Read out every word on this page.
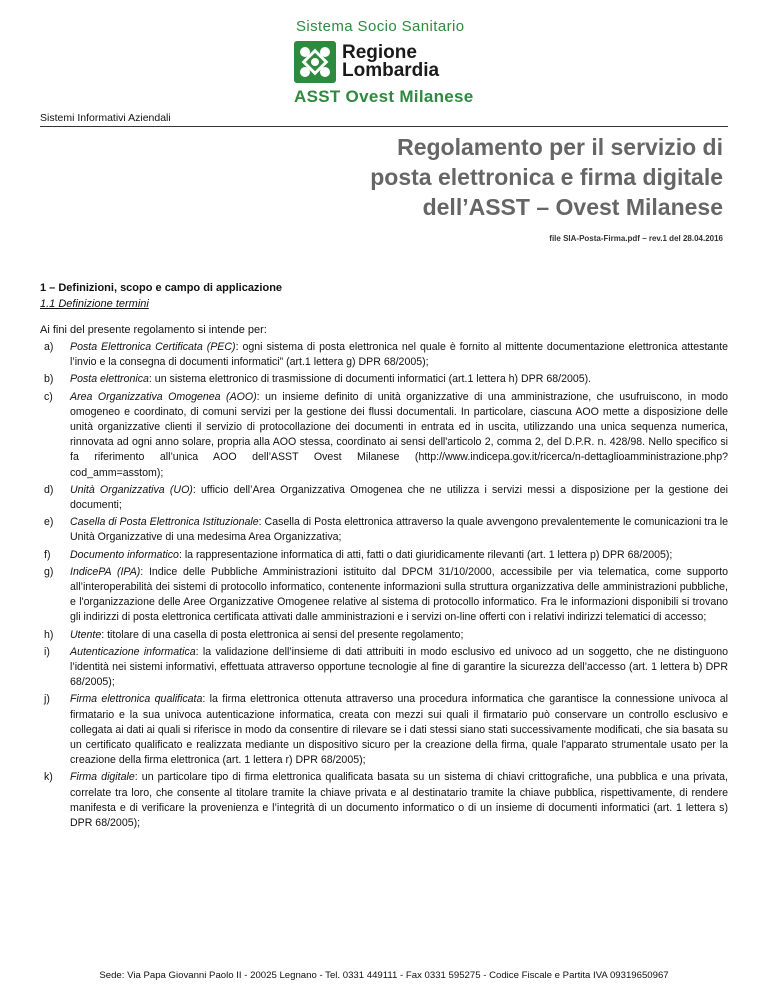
Sistema Socio Sanitario
Regione
Lombardia
ASST Ovest Milanese
Sistemi Informativi Aziendali
Regolamento per il servizio di
posta elettronica e firma digitale
dell’ASST – Ovest Milanese
file SIA-Posta-Firma.pdf – rev.1 del 28.04.2016
1 – Definizioni, scopo e campo di applicazione
1.1 Definizione termini
Ai fini del presente regolamento si intende per:
a)	Posta Elettronica Certificata (PEC): ogni sistema di posta elettronica nel quale è fornito al mittente documentazione elettronica attestante l’invio e la consegna di documenti informatici” (art.1 lettera g) DPR 68/2005);
b)	Posta elettronica: un sistema elettronico di trasmissione di documenti informatici (art.1 lettera h) DPR 68/2005).
c)	Area Organizzativa Omogenea (AOO): un insieme definito di unità organizzative di una amministrazione, che usufruiscono, in modo omogeneo e coordinato, di comuni servizi per la gestione dei flussi documentali. In particolare, ciascuna AOO mette a disposizione delle unità organizzative clienti il servizio di protocollazione dei documenti in entrata ed in uscita, utilizzando una unica sequenza numerica, rinnovata ad ogni anno solare, propria alla AOO stessa, coordinato ai sensi dell'articolo 2, comma 2, del D.P.R. n. 428/98. Nello specifico si fa riferimento all’unica AOO dell’ASST Ovest Milanese (http://www.indicepa.gov.it/ricerca/n-dettaglioamministrazione.php?cod_amm=asstom);
d)	Unità Organizzativa (UO): ufficio dell’Area Organizzativa Omogenea che ne utilizza i servizi messi a disposizione per la gestione dei documenti;
e)	Casella di Posta Elettronica Istituzionale: Casella di Posta elettronica attraverso la quale avvengono prevalentemente le comunicazioni tra le Unità Organizzative di una medesima Area Organizzativa;
f)	Documento informatico: la rappresentazione informatica di atti, fatti o dati giuridicamente rilevanti (art. 1 lettera p) DPR 68/2005);
g)	IndicePA (IPA): Indice delle Pubbliche Amministrazioni istituito dal DPCM 31/10/2000, accessibile per via telematica, come supporto all’interoperabilità dei sistemi di protocollo informatico, contenente informazioni sulla struttura organizzativa delle amministrazioni pubbliche, e l'organizzazione delle Aree Organizzative Omogenee relative al sistema di protocollo informatico. Fra le informazioni disponibili si trovano gli indirizzi di posta elettronica certificata attivati dalle amministrazioni e i servizi on-line offerti con i relativi indirizzi telematici di accesso;
h)	Utente: titolare di una casella di posta elettronica ai sensi del presente regolamento;
i)	Autenticazione informatica: la validazione dell’insieme di dati attribuiti in modo esclusivo ed univoco ad un soggetto, che ne distinguono l’identità nei sistemi informativi, effettuata attraverso opportune tecnologie al fine di garantire la sicurezza dell’accesso (art. 1 lettera b) DPR 68/2005);
j)	Firma elettronica qualificata: la firma elettronica ottenuta attraverso una procedura informatica che garantisce la connessione univoca al firmatario e la sua univoca autenticazione informatica, creata con mezzi sui quali il firmatario può conservare un controllo esclusivo e collegata ai dati ai quali si riferisce in modo da consentire di rilevare se i dati stessi siano stati successivamente modificati, che sia basata su un certificato qualificato e realizzata mediante un dispositivo sicuro per la creazione della firma, quale l'apparato strumentale usato per la creazione della firma elettronica (art. 1 lettera r) DPR 68/2005);
k)	Firma digitale: un particolare tipo di firma elettronica qualificata basata su un sistema di chiavi crittografiche, una pubblica e una privata, correlate tra loro, che consente al titolare tramite la chiave privata e al destinatario tramite la chiave pubblica, rispettivamente, di rendere manifesta e di verificare la provenienza e l’integrità di un documento informatico o di un insieme di documenti informatici (art. 1 lettera s) DPR 68/2005);
Sede: Via Papa Giovanni Paolo II - 20025 Legnano - Tel. 0331 449111 - Fax 0331 595275 - Codice Fiscale e Partita IVA 09319650967
